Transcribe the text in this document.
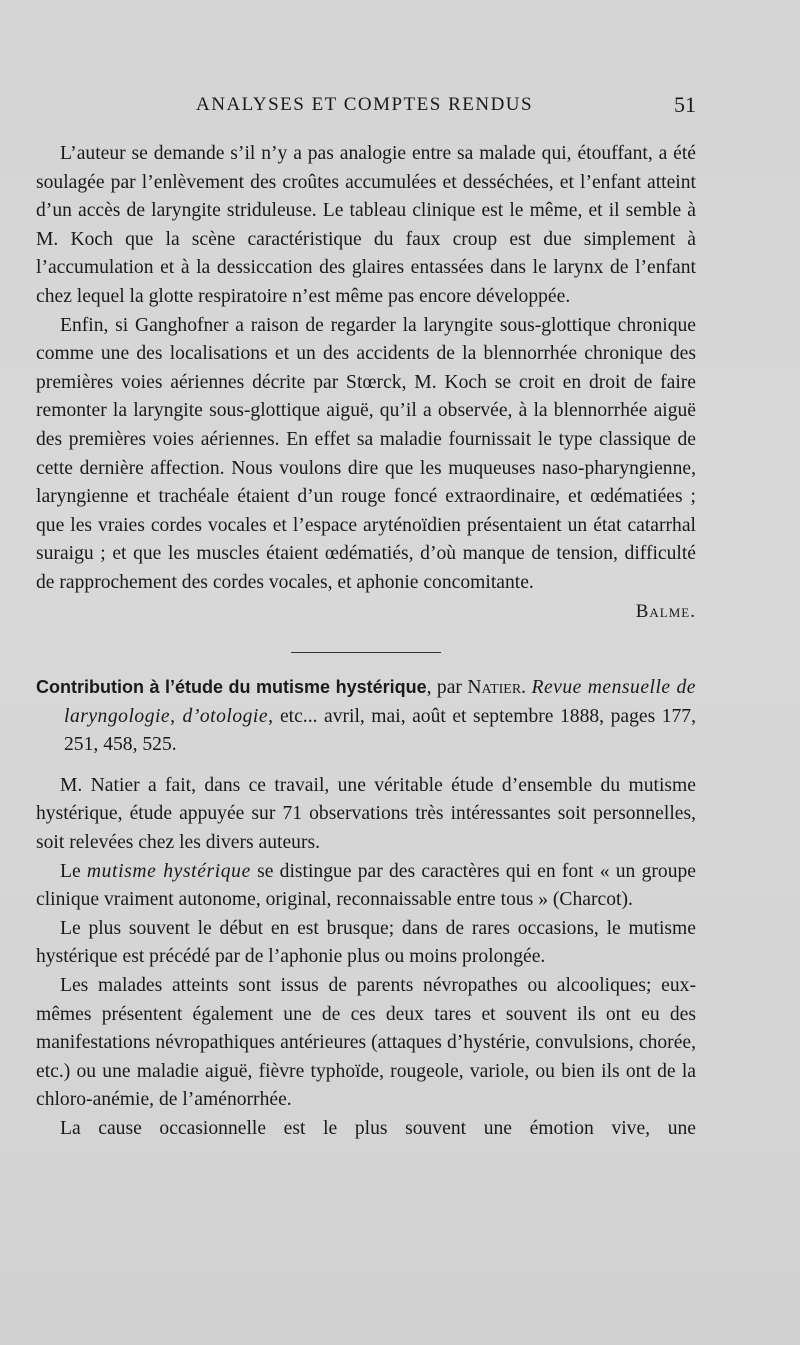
ANALYSES ET COMPTES RENDUS	51

L’auteur se demande s’il n’y a pas analogie entre sa malade qui, étouffant, a été soulagée par l’enlèvement des croûtes accumulées et desséchées, et l’enfant atteint d’un accès de laryngite striduleuse. Le tableau clinique est le même, et il semble à M. Koch que la scène caractéristique du faux croup est due simplement à l’accumulation et à la dessiccation des glaires entassées dans le larynx de l’enfant chez lequel la glotte respiratoire n’est même pas encore développée.

Enfin, si Ganghofner a raison de regarder la laryngite sous-glottique chronique comme une des localisations et un des accidents de la blennorrhée chronique des premières voies aériennes décrite par Stœrck, M. Koch se croit en droit de faire remonter la laryngite sous-glottique aiguë, qu’il a observée, à la blennorrhée aiguë des premières voies aériennes. En effet sa maladie fournissait le type classique de cette dernière affection. Nous voulons dire que les muqueuses naso-pharyngienne, laryngienne et trachéale étaient d’un rouge foncé extraordinaire, et œdématiées ; que les vraies cordes vocales et l’espace aryténoïdien présentaient un état catarrhal suraigu ; et que les muscles étaient œdématiés, d’où manque de tension, difficulté de rapprochement des cordes vocales, et aphonie concomitante.

Balme.

Contribution à l’étude du mutisme hystérique, par Natier. Revue mensuelle de laryngologie, d’otologie, etc... avril, mai, août et septembre 1888, pages 177, 251, 458, 525.

M. Natier a fait, dans ce travail, une véritable étude d’ensemble du mutisme hystérique, étude appuyée sur 71 observations très intéressantes soit personnelles, soit relevées chez les divers auteurs.

Le mutisme hystérique se distingue par des caractères qui en font « un groupe clinique vraiment autonome, original, reconnaissable entre tous » (Charcot).

Le plus souvent le début en est brusque; dans de rares occasions, le mutisme hystérique est précédé par de l’aphonie plus ou moins prolongée.

Les malades atteints sont issus de parents névropathes ou alcooliques; eux-mêmes présentent également une de ces deux tares et souvent ils ont eu des manifestations névropathiques antérieures (attaques d’hystérie, convulsions, chorée, etc.) ou une maladie aiguë, fièvre typhoïde, rougeole, variole, ou bien ils ont de la chloro-anémie, de l’aménorrhée.

La cause occasionnelle est le plus souvent une émotion vive, une
